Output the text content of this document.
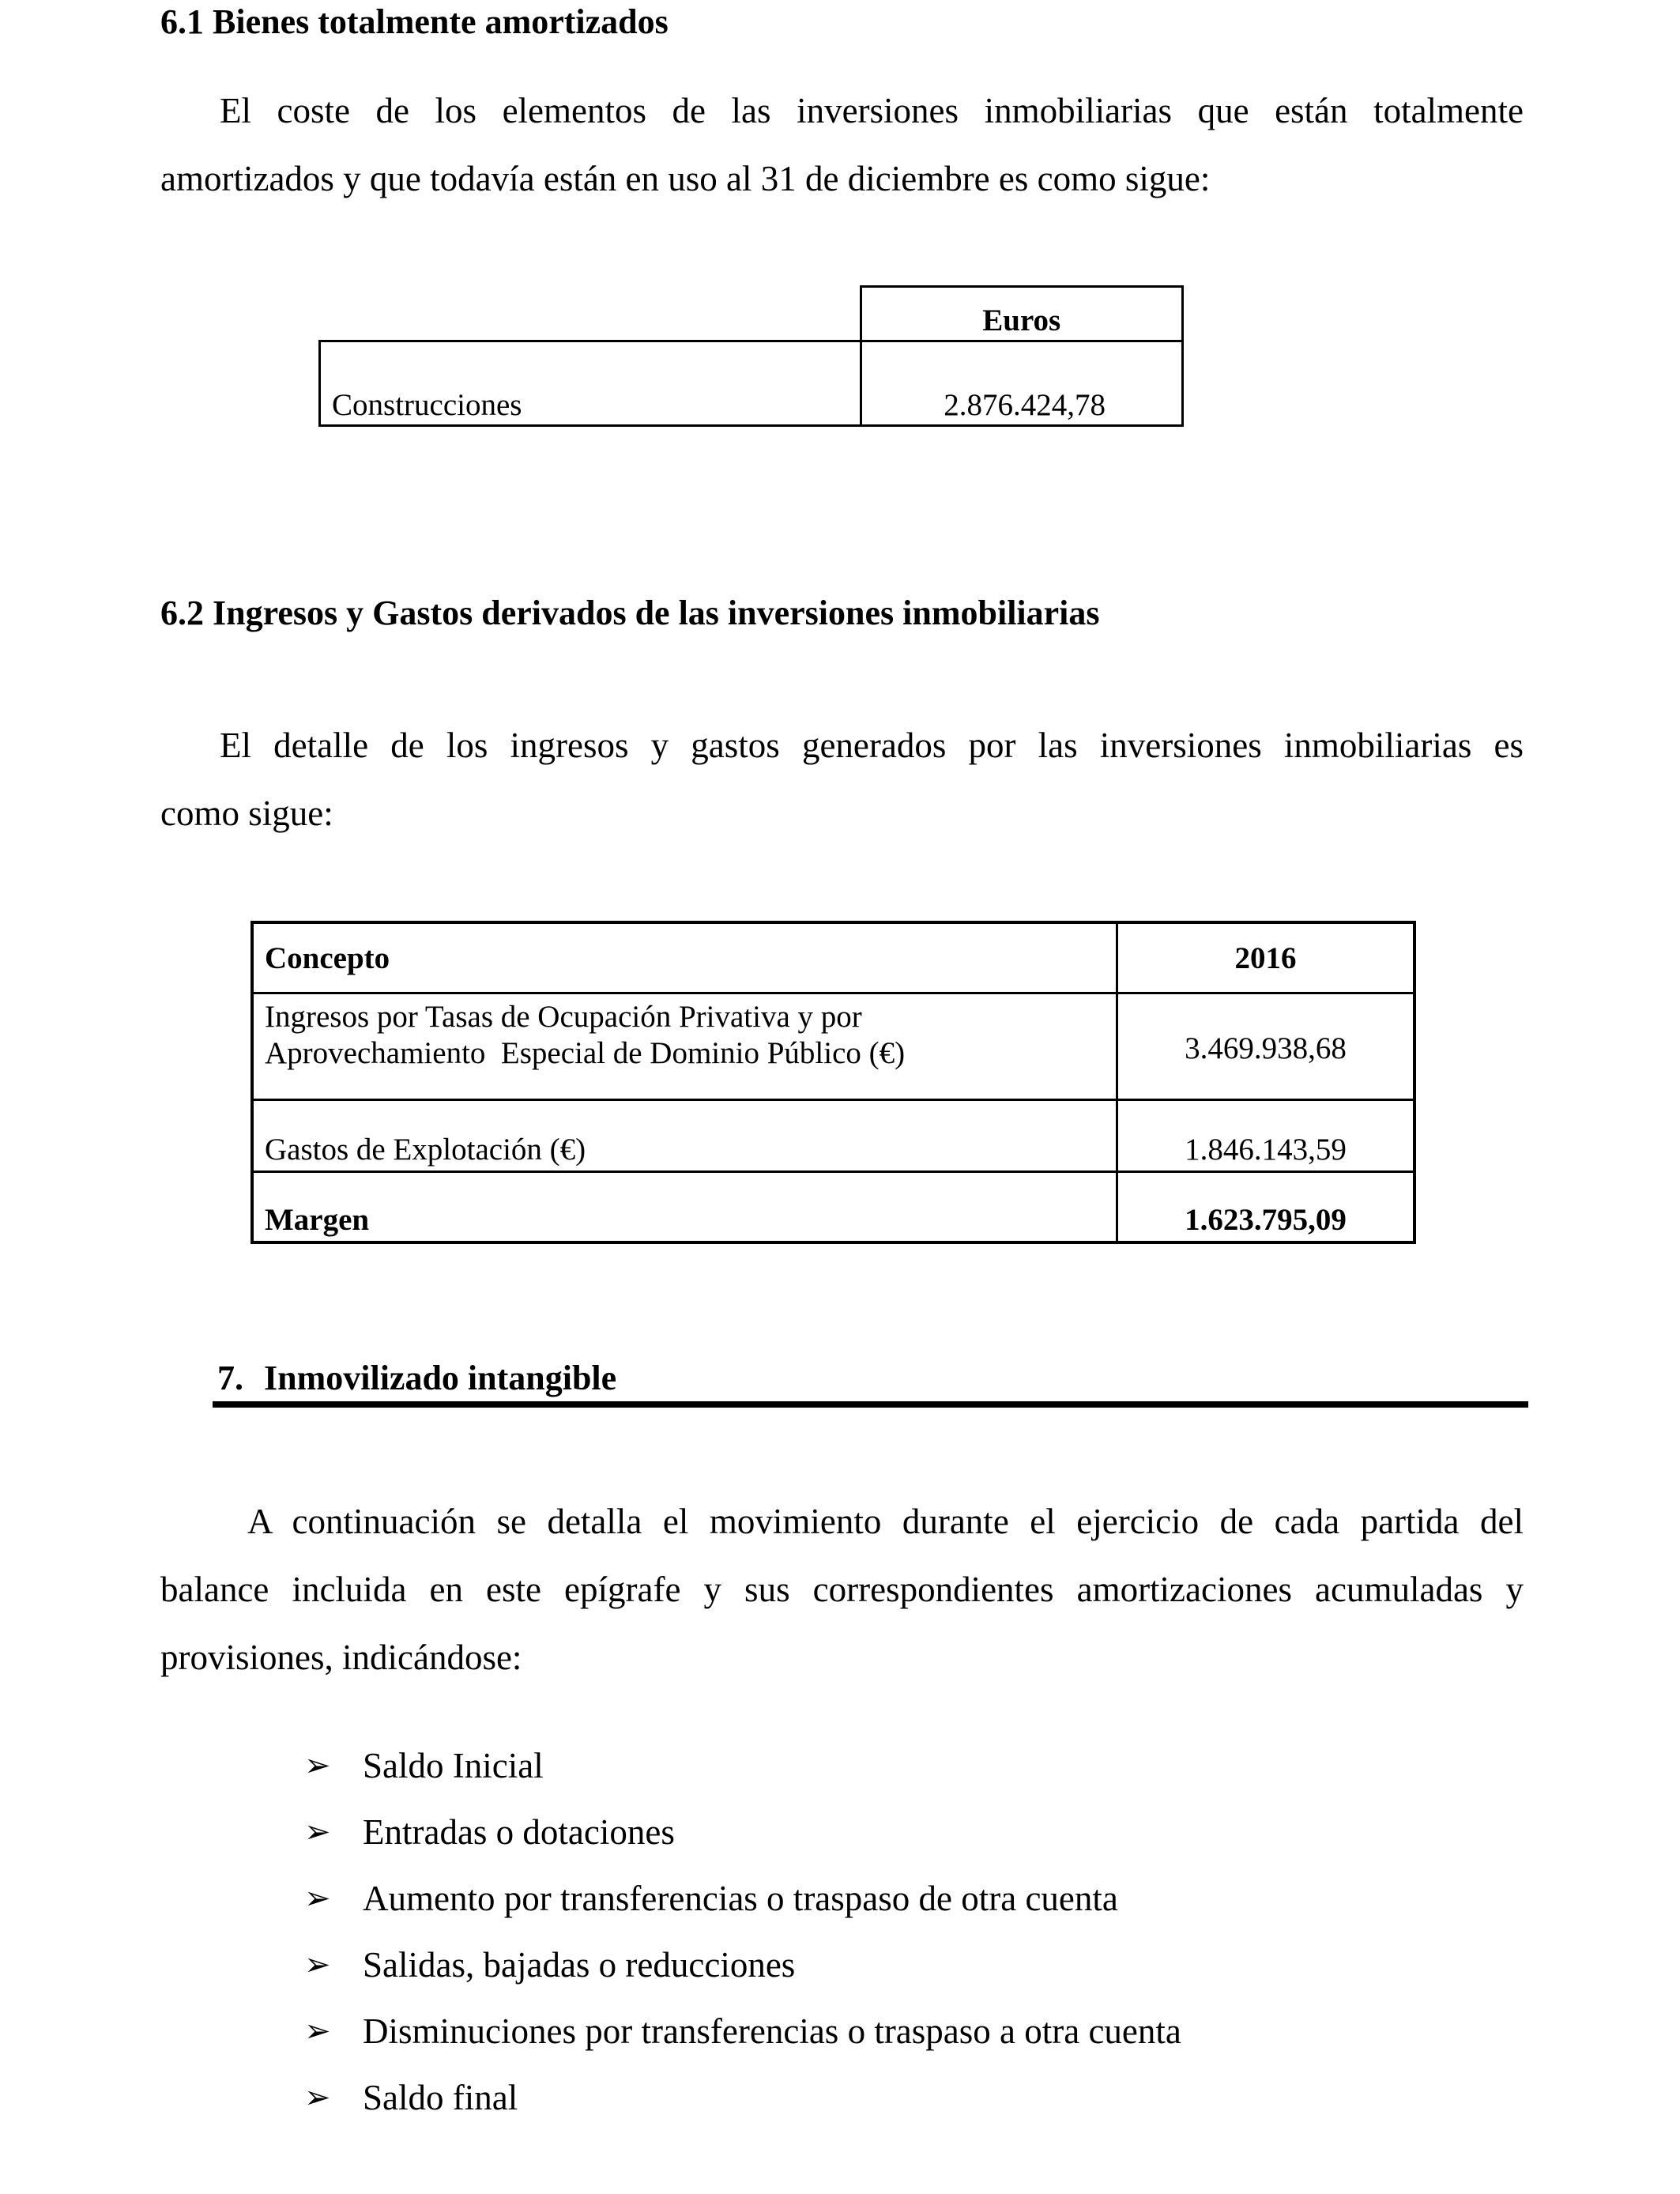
6.1 Bienes totalmente amortizados
El coste de los elementos de las inversiones inmobiliarias que están totalmente
amortizados y que todavía están en uso al 31 de diciembre es como sigue:
	Euros
Construcciones	2.876.424,78
6.2 Ingresos y Gastos derivados de las inversiones inmobiliarias
El detalle de los ingresos y gastos generados por las inversiones inmobiliarias es
como sigue:
Concepto	2016

Ingresos por Tasas de Ocupación Privativa y por
Aprovechamiento  Especial de Dominio Público (€)	3.469.938,68
Gastos de Explotación (€)	1.846.143,59
Margen	1.623.795,09
7. Inmovilizado intangible
A continuación se detalla el movimiento durante el ejercicio de cada partida del
balance incluida en este epígrafe y sus correspondientes amortizaciones acumuladas y
provisiones, indicándose:
➢ Saldo Inicial
➢ Entradas o dotaciones
➢ Aumento por transferencias o traspaso de otra cuenta
➢ Salidas, bajadas o reducciones
➢ Disminuciones por transferencias o traspaso a otra cuenta
➢ Saldo final
